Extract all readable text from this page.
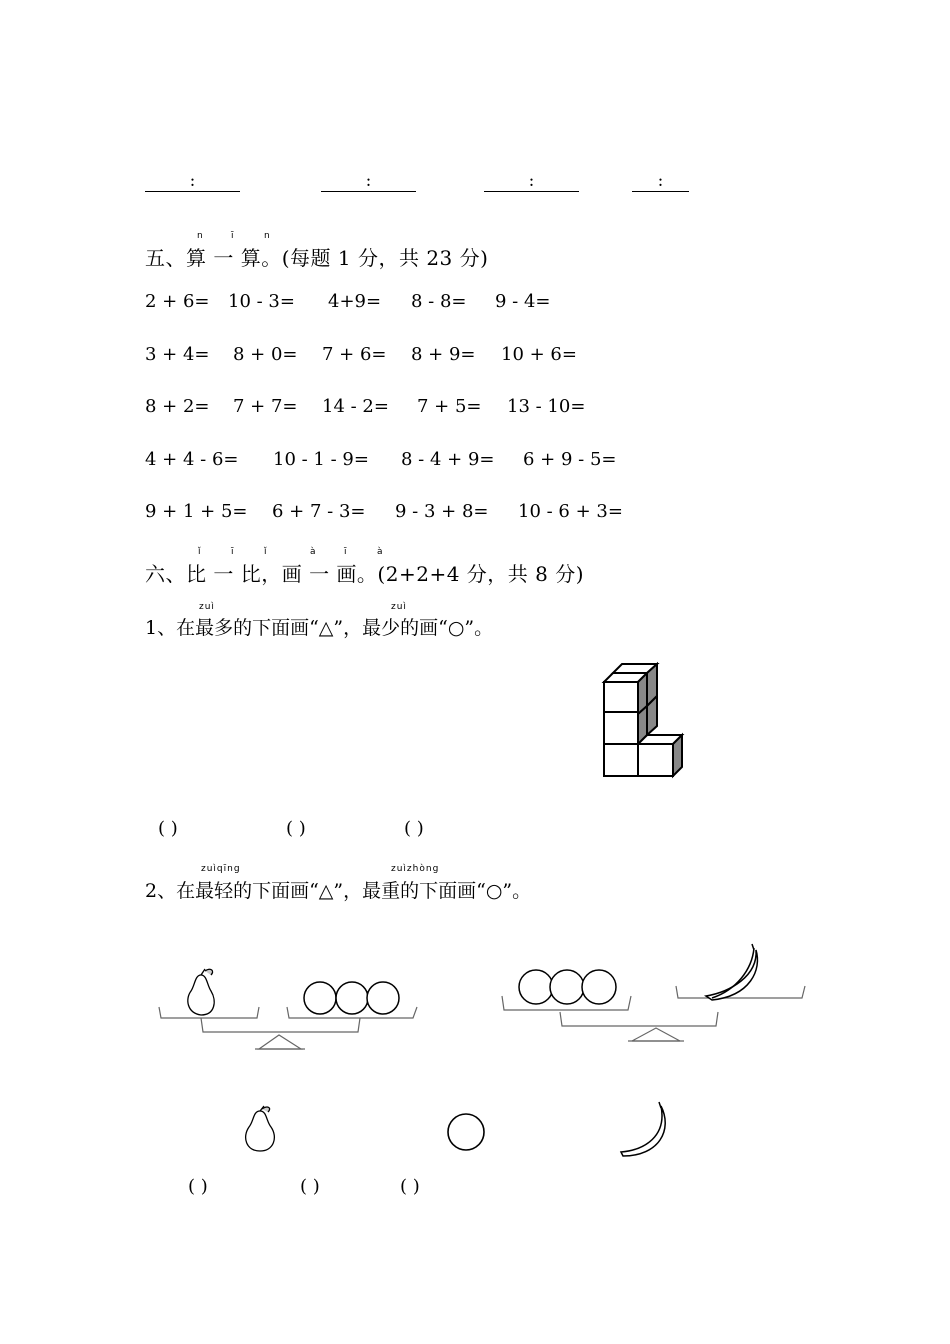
:	:	:	:
n	ī	n
五、算 一 算。(每题 1 分，共 23 分)
2 + 6= 10 - 3= 4+9= 8 - 8= 9 - 4=
3 + 4= 8 + 0= 7 + 6= 8 + 9= 10 + 6=
8 + 2= 7 + 7= 14 - 2= 7 + 5= 13 - 10=
4 + 4 - 6= 10 - 1 - 9= 8 - 4 + 9= 6 + 9 - 5=
9 + 1 + 5= 6 + 7 - 3= 9 - 3 + 8= 10 - 6 + 3=
ǐ	ī	ǐ	à	ī	à
六、比 一 比，画 一 画。(2+2+4 分，共 8 分)
zuì	zuì
1、在最多的下面画“△”，最少的画“○”。
( )	( )	( )
zuìqīng	zuìzhòng
2、在最轻的下面画“△”，最重的下面画“○”。
( )	( )	( )
